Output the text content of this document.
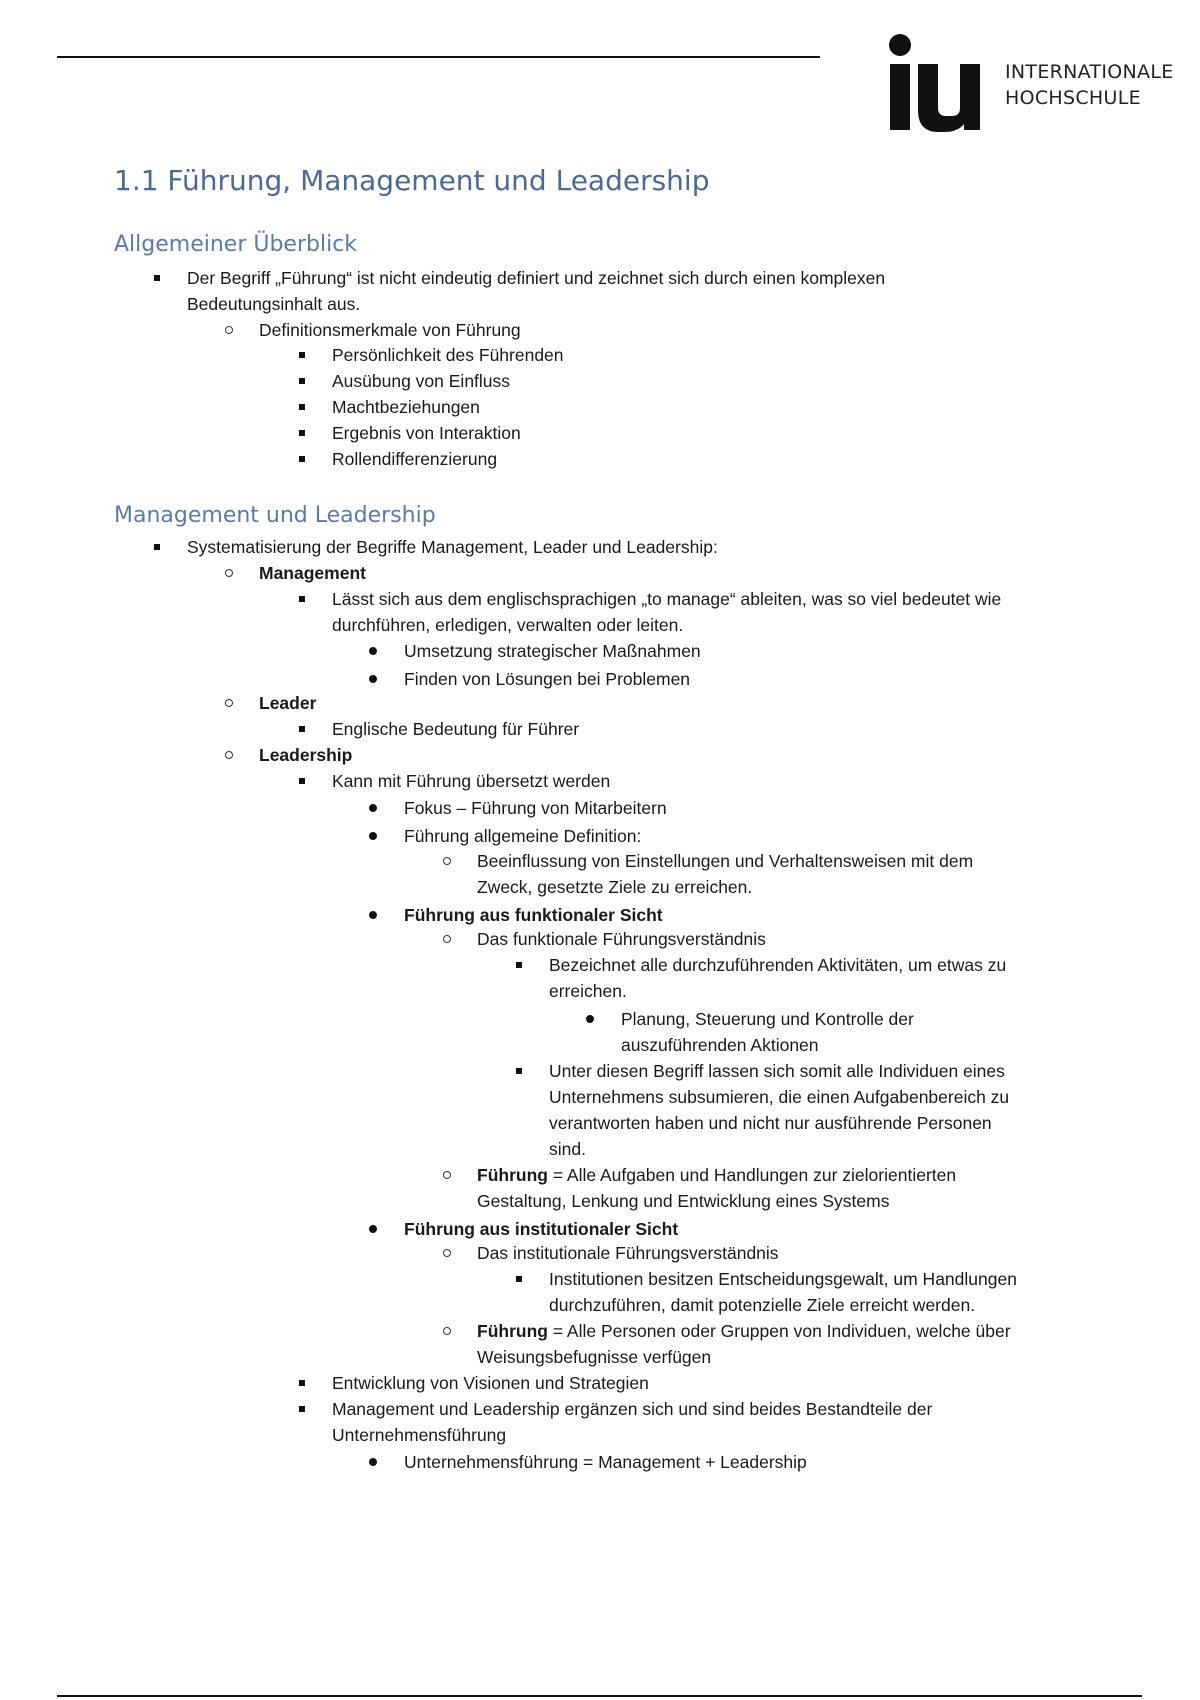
INTERNATIONALE
HOCHSCHULE
1.1 Führung, Management und Leadership
Allgemeiner Überblick
Der Begriff „Führung“ ist nicht eindeutig definiert und zeichnet sich durch einen komplexen
Bedeutungsinhalt aus.
Definitionsmerkmale von Führung
Persönlichkeit des Führenden
Ausübung von Einfluss
Machtbeziehungen
Ergebnis von Interaktion
Rollendifferenzierung
Management und Leadership
Systematisierung der Begriffe Management, Leader und Leadership:
Management
Lässt sich aus dem englischsprachigen „to manage“ ableiten, was so viel bedeutet wie
durchführen, erledigen, verwalten oder leiten.
Umsetzung strategischer Maßnahmen
Finden von Lösungen bei Problemen
Leader
Englische Bedeutung für Führer
Leadership
Kann mit Führung übersetzt werden
Fokus – Führung von Mitarbeitern
Führung allgemeine Definition:
Beeinflussung von Einstellungen und Verhaltensweisen mit dem
Zweck, gesetzte Ziele zu erreichen.
Führung aus funktionaler Sicht
Das funktionale Führungsverständnis
Bezeichnet alle durchzuführenden Aktivitäten, um etwas zu
erreichen.
Planung, Steuerung und Kontrolle der
auszuführenden Aktionen
Unter diesen Begriff lassen sich somit alle Individuen eines
Unternehmens subsumieren, die einen Aufgabenbereich zu
verantworten haben und nicht nur ausführende Personen
sind.
Führung = Alle Aufgaben und Handlungen zur zielorientierten
Gestaltung, Lenkung und Entwicklung eines Systems
Führung aus institutionaler Sicht
Das institutionale Führungsverständnis
Institutionen besitzen Entscheidungsgewalt, um Handlungen
durchzuführen, damit potenzielle Ziele erreicht werden.
Führung = Alle Personen oder Gruppen von Individuen, welche über
Weisungsbefugnisse verfügen
Entwicklung von Visionen und Strategien
Management und Leadership ergänzen sich und sind beides Bestandteile der
Unternehmensführung
Unternehmensführung = Management + Leadership
